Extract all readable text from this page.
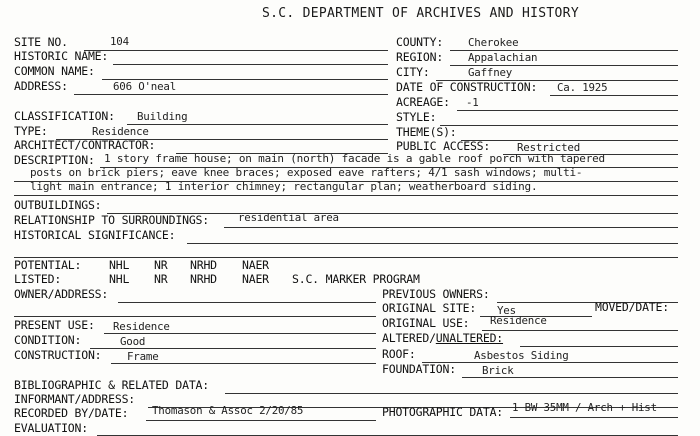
S.C. DEPARTMENT OF ARCHIVES AND HISTORY
SITE NO.	104
HISTORIC NAME:
COMMON NAME:
ADDRESS:	606 O'neal
COUNTY: Cherokee
REGION: Appalachian
CITY:	Gaffney
DATE OF CONSTRUCTION: Ca. 1925
ACREAGE: -1
CLASSIFICATION: Building	STYLE:
TYPE:	Residence	THEME(S):
ARCHITECT/CONTRACTOR:	PUBLIC ACCESS: Restricted
DESCRIPTION: 1 story frame house; on main (north) facade is a gable roof porch with tapered
posts on brick piers; eave knee braces; exposed eave rafters; 4/1 sash windows; multi-
light main entrance; 1 interior chimney; rectangular plan; weatherboard siding.
OUTBUILDINGS:
RELATIONSHIP TO SURROUNDINGS:	residential area
HISTORICAL SIGNIFICANCE:
POTENTIAL: NHL NR NRHD NAER
LISTED:	NHL NR NRHD NAER S.C. MARKER PROGRAM
OWNER/ADDRESS:	PREVIOUS OWNERS:
ORIGINAL SITE: Yes	MOVED/DATE:
PRESENT USE: Residence	ORIGINAL USE: Residence
CONDITION:	Good	ALTERED/UNALTERED:
CONSTRUCTION: Frame	ROOF:	Asbestos Siding
FOUNDATION: Brick
BIBLIOGRAPHIC & RELATED DATA:
INFORMANT/ADDRESS:
RECORDED BY/DATE: Thomason & Assoc 2/20/85	PHOTOGRAPHIC DATA: 1 BW 35MM / Arch + Hist
EVALUATION:
